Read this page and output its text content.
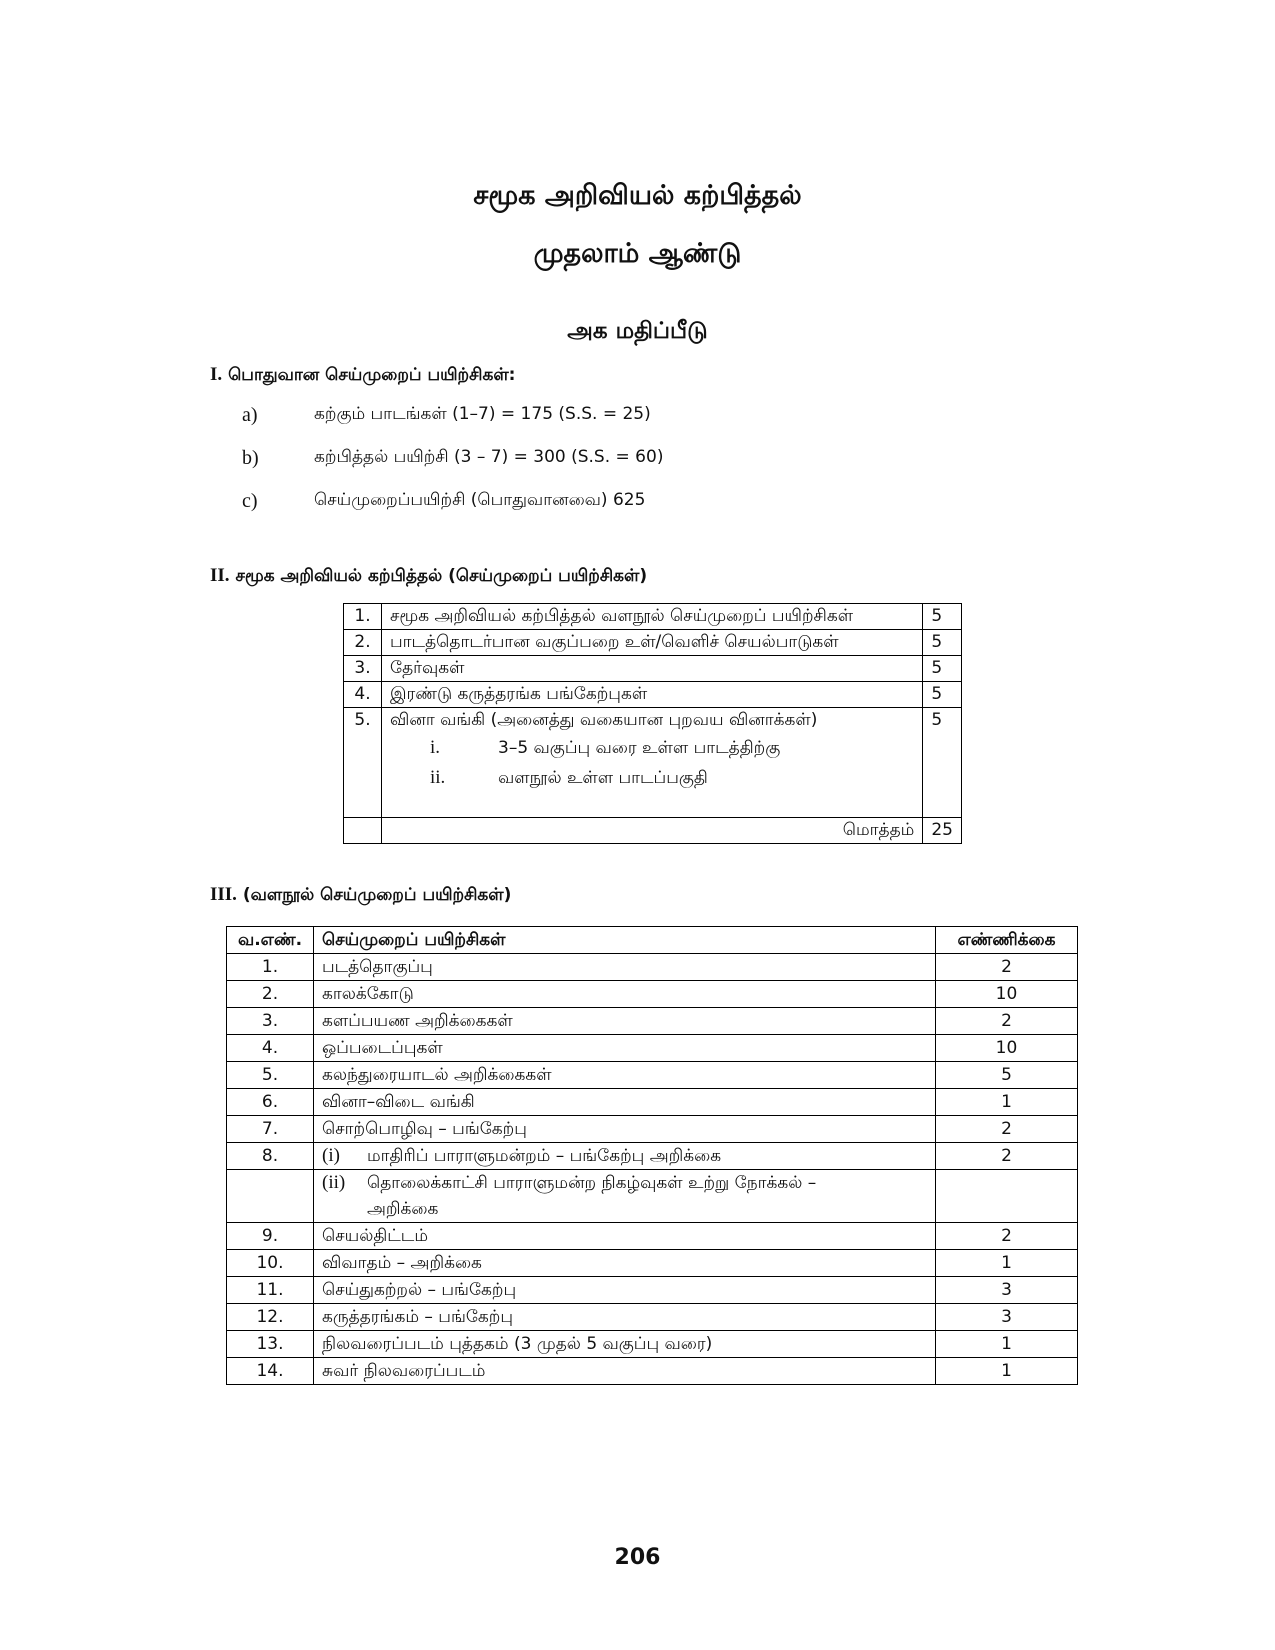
சமூக அறிவியல் கற்பித்தல்
முதலாம் ஆண்டு
அக மதிப்பீடு
I. பொதுவான செய்முறைப் பயிற்சிகள்:
a)	கற்கும் பாடங்கள் (1–7) = 175 (S.S. = 25)
b)	கற்பித்தல் பயிற்சி (3 – 7) = 300 (S.S. = 60)
c)	செய்முறைப்பயிற்சி (பொதுவானவை) 625
II. சமூக அறிவியல் கற்பித்தல் (செய்முறைப் பயிற்சிகள்)
1.	சமூக அறிவியல் கற்பித்தல் வளநூல் செய்முறைப் பயிற்சிகள்	5
2.	பாடத்தொடர்பான வகுப்பறை உள்/வெளிச் செயல்பாடுகள்	5
3.	தேர்வுகள்	5
4.	இரண்டு கருத்தரங்க பங்கேற்புகள்	5
5.	வினா வங்கி (அனைத்து வகையான புறவய வினாக்கள்)
i. 3–5 வகுப்பு வரை உள்ள பாடத்திற்கு
ii. வளநூல் உள்ள பாடப்பகுதி	5
	மொத்தம்	25
III. (வளநூல் செய்முறைப் பயிற்சிகள்)
வ.எண்.	செய்முறைப் பயிற்சிகள்	எண்ணிக்கை
1.	படத்தொகுப்பு	2
2.	காலக்கோடு	10
3.	களப்பயண அறிக்கைகள்	2
4.	ஒப்படைப்புகள்	10
5.	கலந்துரையாடல் அறிக்கைகள்	5
6.	வினா–விடை வங்கி	1
7.	சொற்பொழிவு – பங்கேற்பு	2
8.	(i) மாதிரிப் பாராளுமன்றம் – பங்கேற்பு அறிக்கை	2
	(ii) தொலைக்காட்சி பாராளுமன்ற நிகழ்வுகள் உற்று நோக்கல் –
அறிக்கை	

9.	செயல்திட்டம்	2
10.	விவாதம் – அறிக்கை	1
11.	செய்துகற்றல் – பங்கேற்பு	3
12.	கருத்தரங்கம் – பங்கேற்பு	3
13.	நிலவரைப்படம் புத்தகம் (3 முதல் 5 வகுப்பு வரை)	1
14.	சுவர் நிலவரைப்படம்	1
206
